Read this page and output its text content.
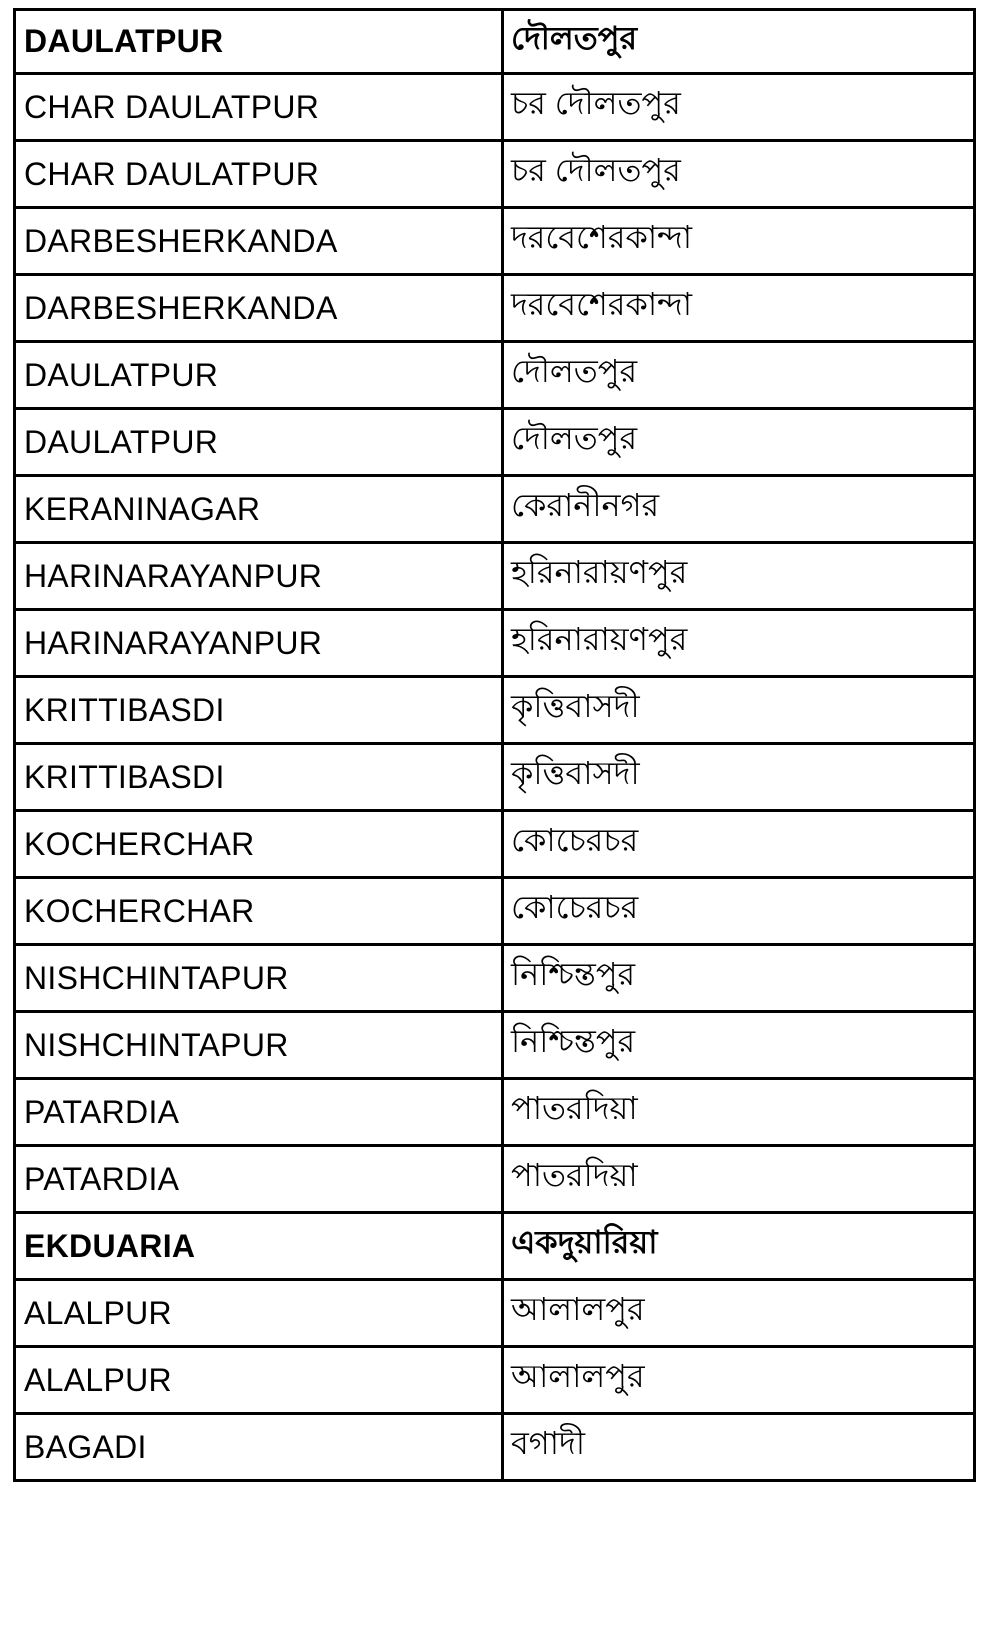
DAULATPUR	দৌলতপুর
CHAR DAULATPUR	চর দৌলতপুর
CHAR DAULATPUR	চর দৌলতপুর
DARBESHERKANDA	দরবেশেরকান্দা
DARBESHERKANDA	দরবেশেরকান্দা
DAULATPUR	দৌলতপুর
DAULATPUR	দৌলতপুর
KERANINAGAR	কেরানীনগর
HARINARAYANPUR	হরিনারায়ণপুর
HARINARAYANPUR	হরিনারায়ণপুর
KRITTIBASDI	কৃত্তিবাসদী
KRITTIBASDI	কৃত্তিবাসদী
KOCHERCHAR	কোচেরচর
KOCHERCHAR	কোচেরচর
NISHCHINTAPUR	নিশ্চিন্তপুর
NISHCHINTAPUR	নিশ্চিন্তপুর
PATARDIA	পাতরদিয়া
PATARDIA	পাতরদিয়া
EKDUARIA	একদুয়ারিয়া
ALALPUR	আলালপুর
ALALPUR	আলালপুর
BAGADI	বগাদী
